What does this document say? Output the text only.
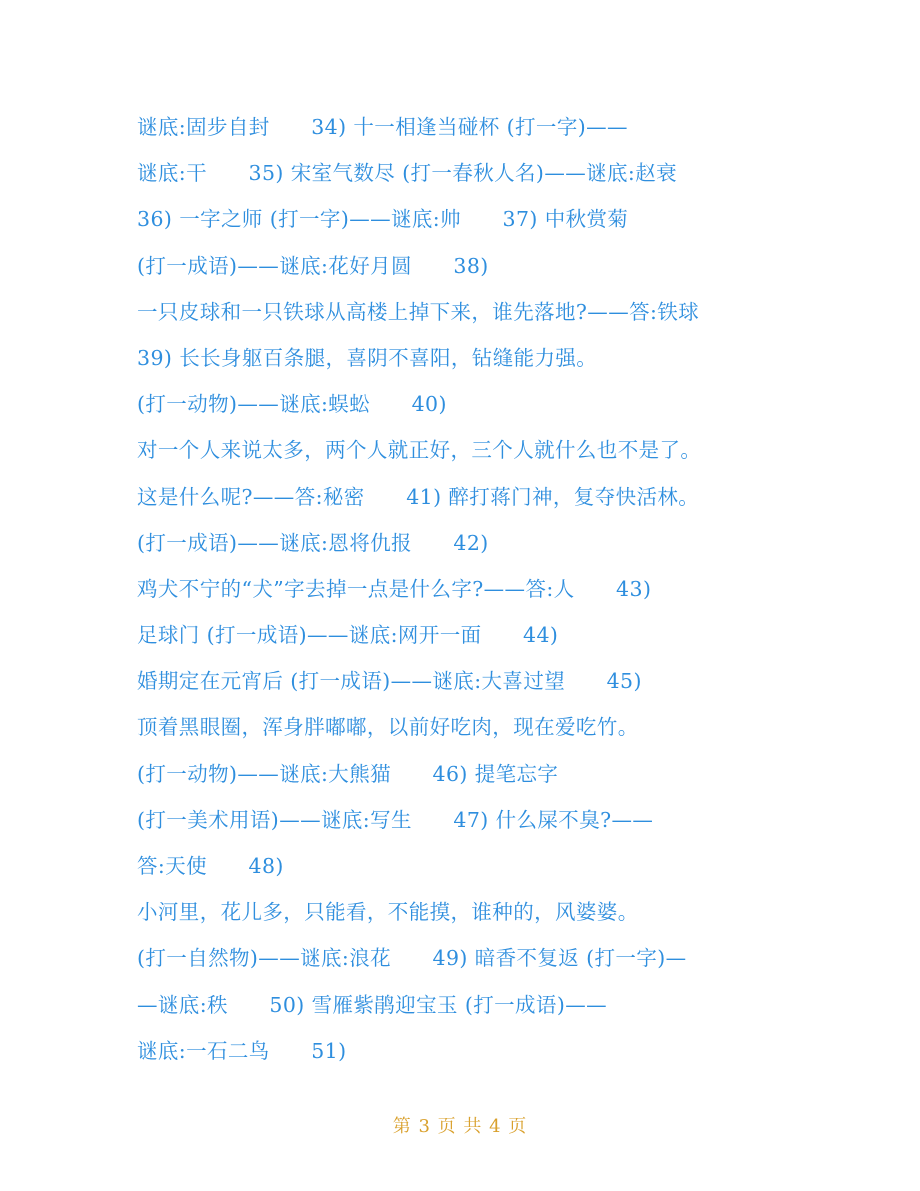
谜底:固步自封      34) 十一相逢当碰杯 (打一字)——
谜底:干      35) 宋室气数尽 (打一春秋人名)——谜底:赵衰
36) 一字之师 (打一字)——谜底:帅      37) 中秋赏菊
(打一成语)——谜底:花好月圆      38)
一只皮球和一只铁球从高楼上掉下来，谁先落地?——答:铁球
39) 长长身躯百条腿，喜阴不喜阳，钻缝能力强。
(打一动物)——谜底:蜈蚣      40)
对一个人来说太多，两个人就正好，三个人就什么也不是了。
这是什么呢?——答:秘密      41) 醉打蒋门神，复夺快活林。
(打一成语)——谜底:恩将仇报      42)
鸡犬不宁的“犬”字去掉一点是什么字?——答:人      43)
足球门 (打一成语)——谜底:网开一面      44)
婚期定在元宵后 (打一成语)——谜底:大喜过望      45)
顶着黑眼圈，浑身胖嘟嘟，以前好吃肉，现在爱吃竹。
(打一动物)——谜底:大熊猫      46) 提笔忘字
(打一美术用语)——谜底:写生      47) 什么屎不臭?——
答:天使      48)
小河里，花儿多，只能看，不能摸，谁种的，风婆婆。
(打一自然物)——谜底:浪花      49) 暗香不复返 (打一字)—
—谜底:秩      50) 雪雁紫鹃迎宝玉 (打一成语)——
谜底:一石二鸟      51)
第 3 页 共 4 页
